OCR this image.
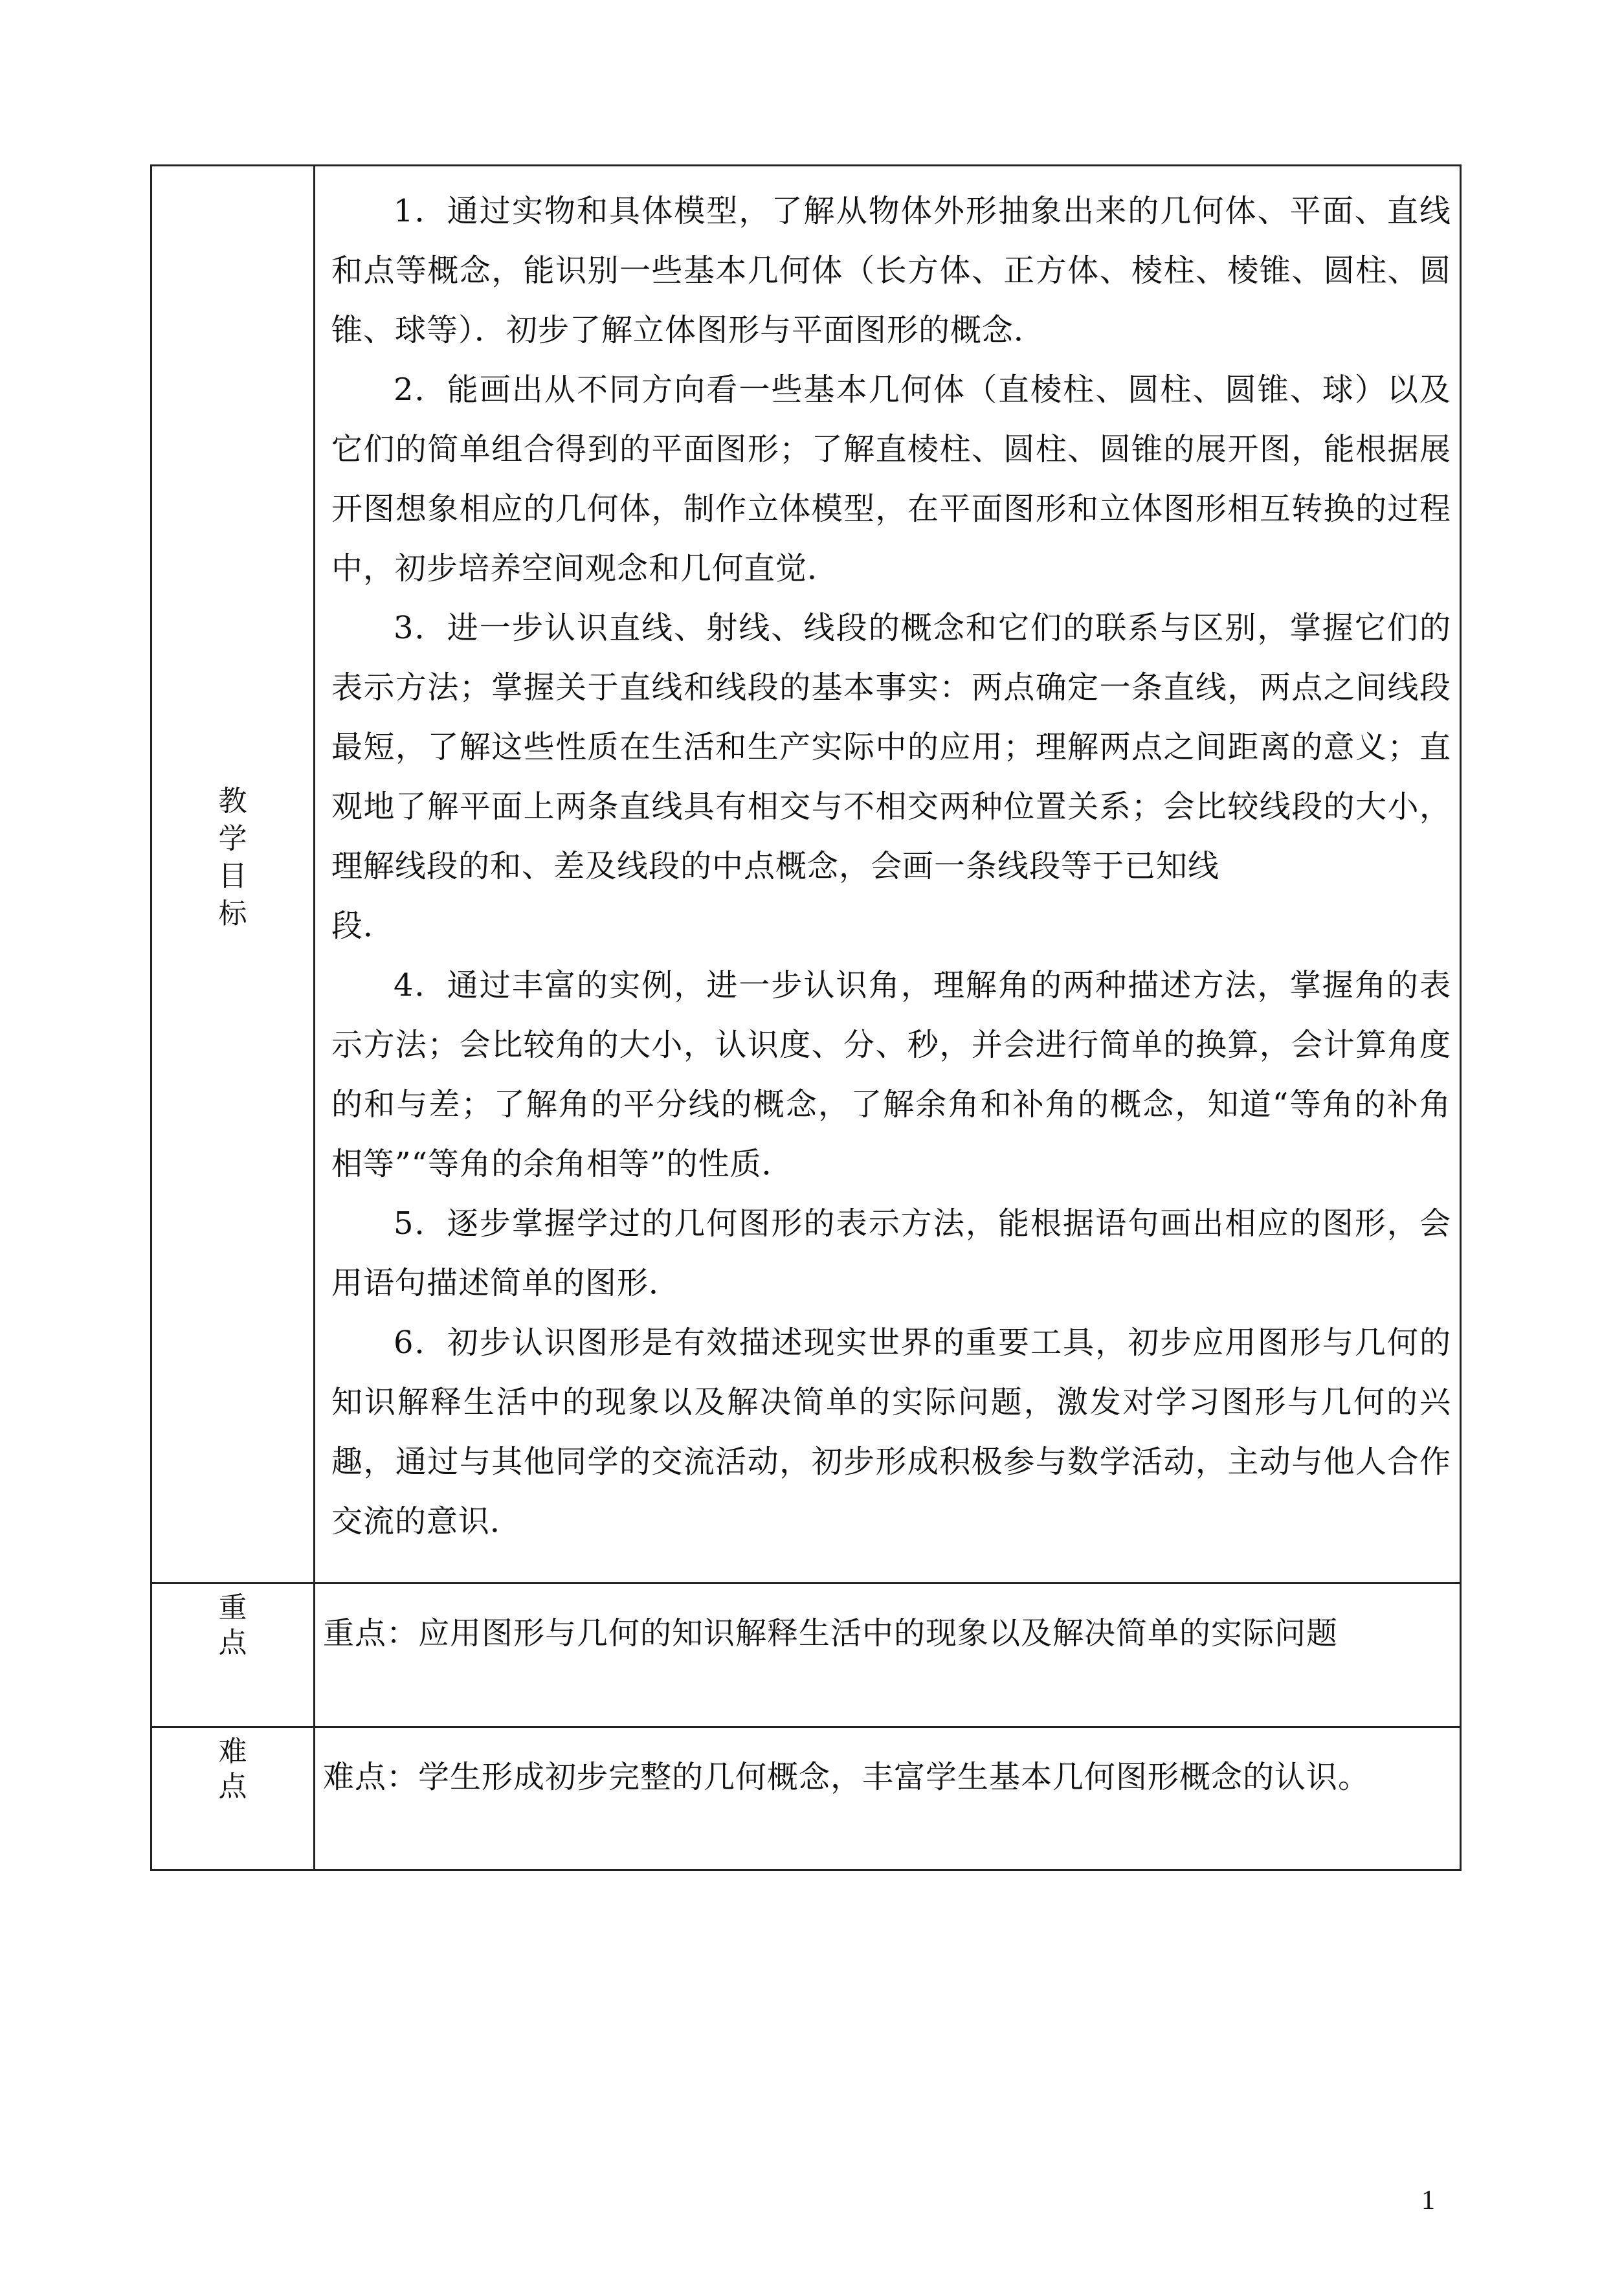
教
学
目
标
重
点	重点：应用图形与几何的知识解释生活中的现象以及解决简单的实际问题
难
点	难点：学生形成初步完整的几何概念，丰富学生基本几何图形概念的认识。

1．通过实物和具体模型，了解从物体外形抽象出来的几何体、平面、直线和点等概念，能识别一些基本几何体（长方体、正方体、棱柱、棱锥、圆柱、圆锥、球等）．初步了解立体图形与平面图形的概念．

2．能画出从不同方向看一些基本几何体（直棱柱、圆柱、圆锥、球）以及它们的简单组合得到的平面图形；了解直棱柱、圆柱、圆锥的展开图，能根据展开图想象相应的几何体，制作立体模型，在平面图形和立体图形相互转换的过程中，初步培养空间观念和几何直觉．

3．进一步认识直线、射线、线段的概念和它们的联系与区别，掌握它们的表示方法；掌握关于直线和线段的基本事实：两点确定一条直线，两点之间线段最短，了解这些性质在生活和生产实际中的应用；理解两点之间距离的意义；直观地了解平面上两条直线具有相交与不相交两种位置关系；会比较线段的大小，理解线段的和、差及线段的中点概念，会画一条线段等于已知线

段．

4．通过丰富的实例，进一步认识角，理解角的两种描述方法，掌握角的表示方法；会比较角的大小，认识度、分、秒，并会进行简单的换算，会计算角度的和与差；了解角的平分线的概念，了解余角和补角的概念，知道“等角的补角相等”“等角的余角相等”的性质．

5．逐步掌握学过的几何图形的表示方法，能根据语句画出相应的图形，会用语句描述简单的图形．

6．初步认识图形是有效描述现实世界的重要工具，初步应用图形与几何的知识解释生活中的现象以及解决简单的实际问题，激发对学习图形与几何的兴趣，通过与其他同学的交流活动，初步形成积极参与数学活动，主动与他人合作交流的意识．

1
